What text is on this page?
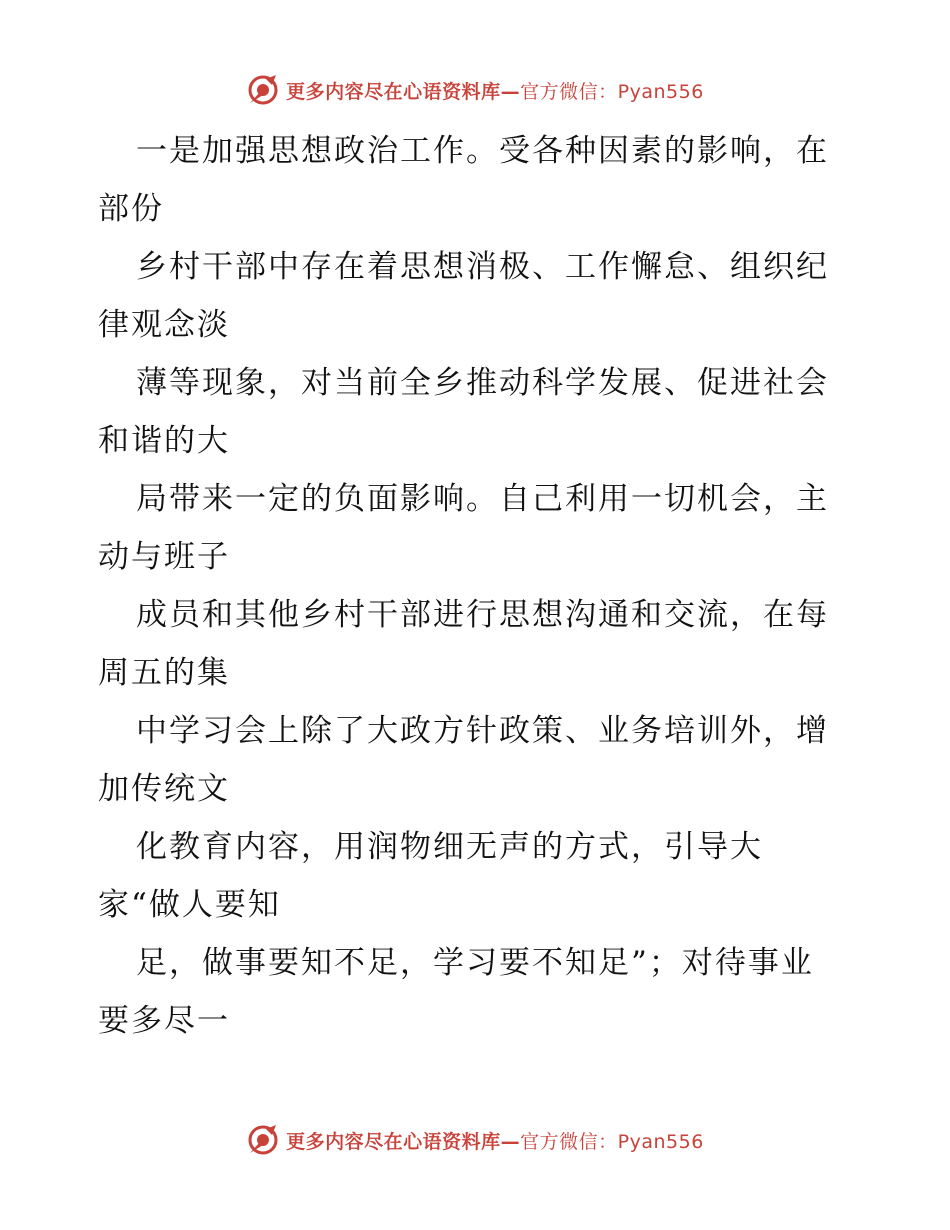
更多内容尽在心语资料库—官方微信：Pyan556
一是加强思想政治工作。受各种因素的影响，在
部份
乡村干部中存在着思想消极、工作懈怠、组织纪
律观念淡
薄等现象，对当前全乡推动科学发展、促进社会
和谐的大
局带来一定的负面影响。自己利用一切机会，主
动与班子
成员和其他乡村干部进行思想沟通和交流，在每
周五的集
中学习会上除了大政方针政策、业务培训外，增
加传统文
化教育内容，用润物细无声的方式，引导大
家“做人要知
足，做事要知不足，学习要不知足”；对待事业
要多尽一
更多内容尽在心语资料库—官方微信：Pyan556
